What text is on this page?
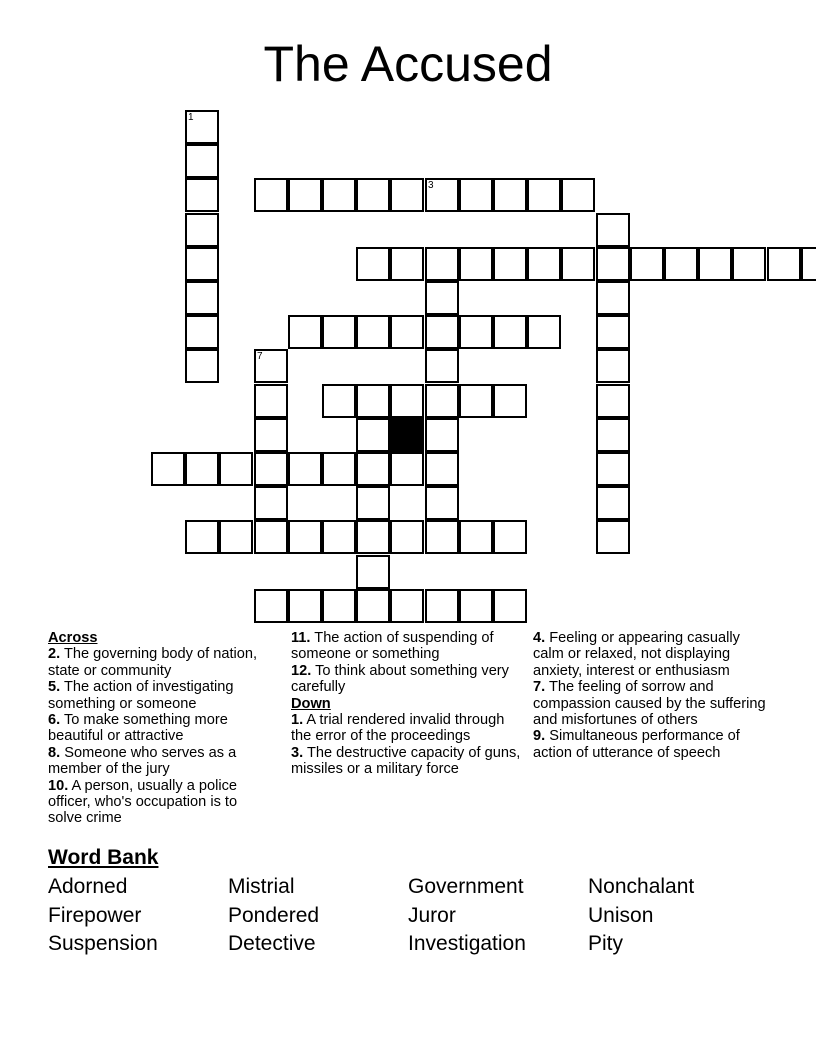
The Accused
1
3
7
Across
2. The governing body of nation, state or community
5. The action of investigating something or someone
6. To make something more beautiful or attractive
8. Someone who serves as a member of the jury
10. A person, usually a police officer, who's occupation is to solve crime
11. The action of suspending of someone or something
12. To think about something very carefully
Down
1. A trial rendered invalid through the error of the proceedings
3. The destructive capacity of guns, missiles or a military force
4. Feeling or appearing casually calm or relaxed, not displaying anxiety, interest or enthusiasm
7. The feeling of sorrow and compassion caused by the suffering and misfortunes of others
9. Simultaneous performance of action of utterance of speech
Word Bank
Adorned	Mistrial	Government	Nonchalant
Firepower	Pondered	Juror	Unison
Suspension	Detective	Investigation	Pity
